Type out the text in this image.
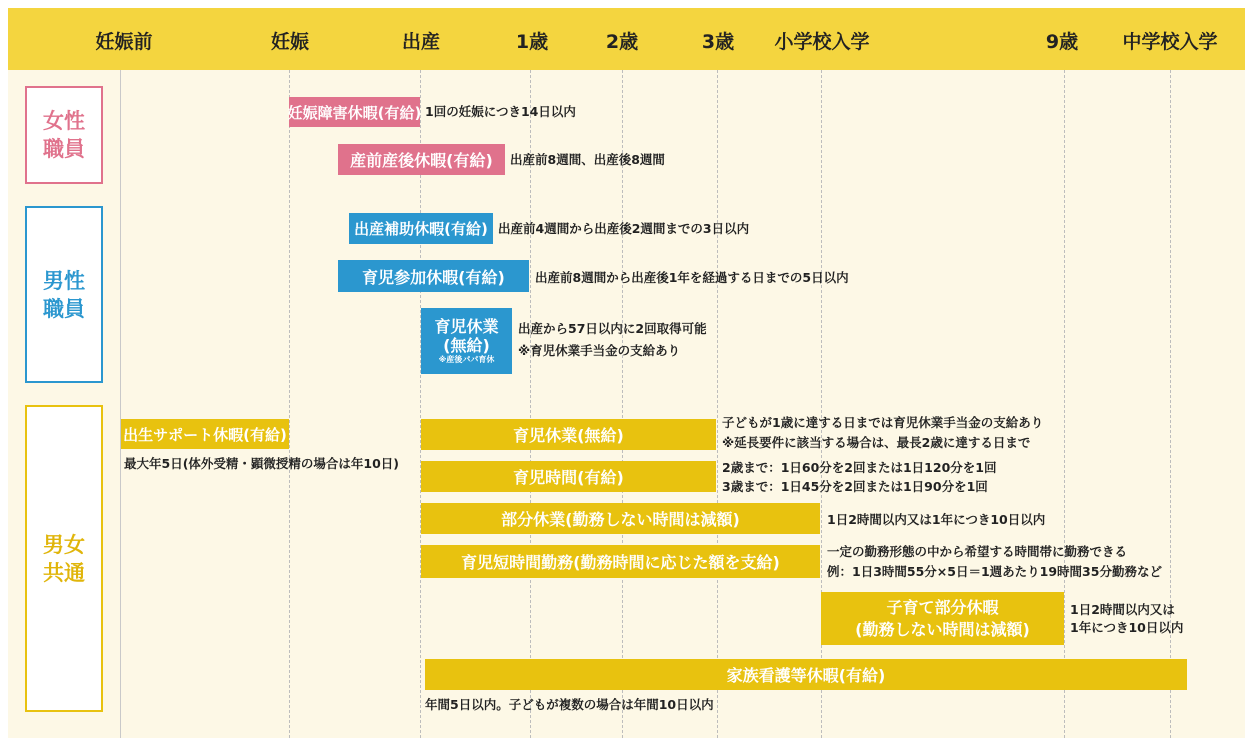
妊娠前	妊娠	出産	1歳	2歳	3歳 小学校入学	9歳 中学校入学
女性
職員
男性
職員
男女
共通
妊娠障害休暇(有給) 1回の妊娠につき14日以内
産前産後休暇(有給)	出産前8週間、出産後8週間
出産補助休暇(有給) 出産前4週間から出産後2週間までの3日以内
育児参加休暇(有給)	出産前8週間から出産後1年を経過する日までの5日以内
育児休業
(無給)
※産後パパ育休
出産から57日以内に2回取得可能
※育児休業手当金の支給あり
出生サポート休暇(有給)
最大年5日(体外受精・顕微授精の場合は年10日)
育児休業(無給)
子どもが1歳に達する日までは育児休業手当金の支給あり
※延長要件に該当する場合は、最長2歳に達する日まで
育児時間(有給)
2歳まで：1日60分を2回または1日120分を1回
3歳まで：1日45分を2回または1日90分を1回
部分休業(勤務しない時間は減額)	1日2時間以内又は1年につき10日以内
育児短時間勤務(勤務時間に応じた額を支給)
一定の勤務形態の中から希望する時間帯に勤務できる
例：1日3時間55分×5日＝1週あたり19時間35分勤務など
子育て部分休暇
(勤務しない時間は減額)
1日2時間以内又は
1年につき10日以内
家族看護等休暇(有給)
年間5日以内。子どもが複数の場合は年間10日以内
